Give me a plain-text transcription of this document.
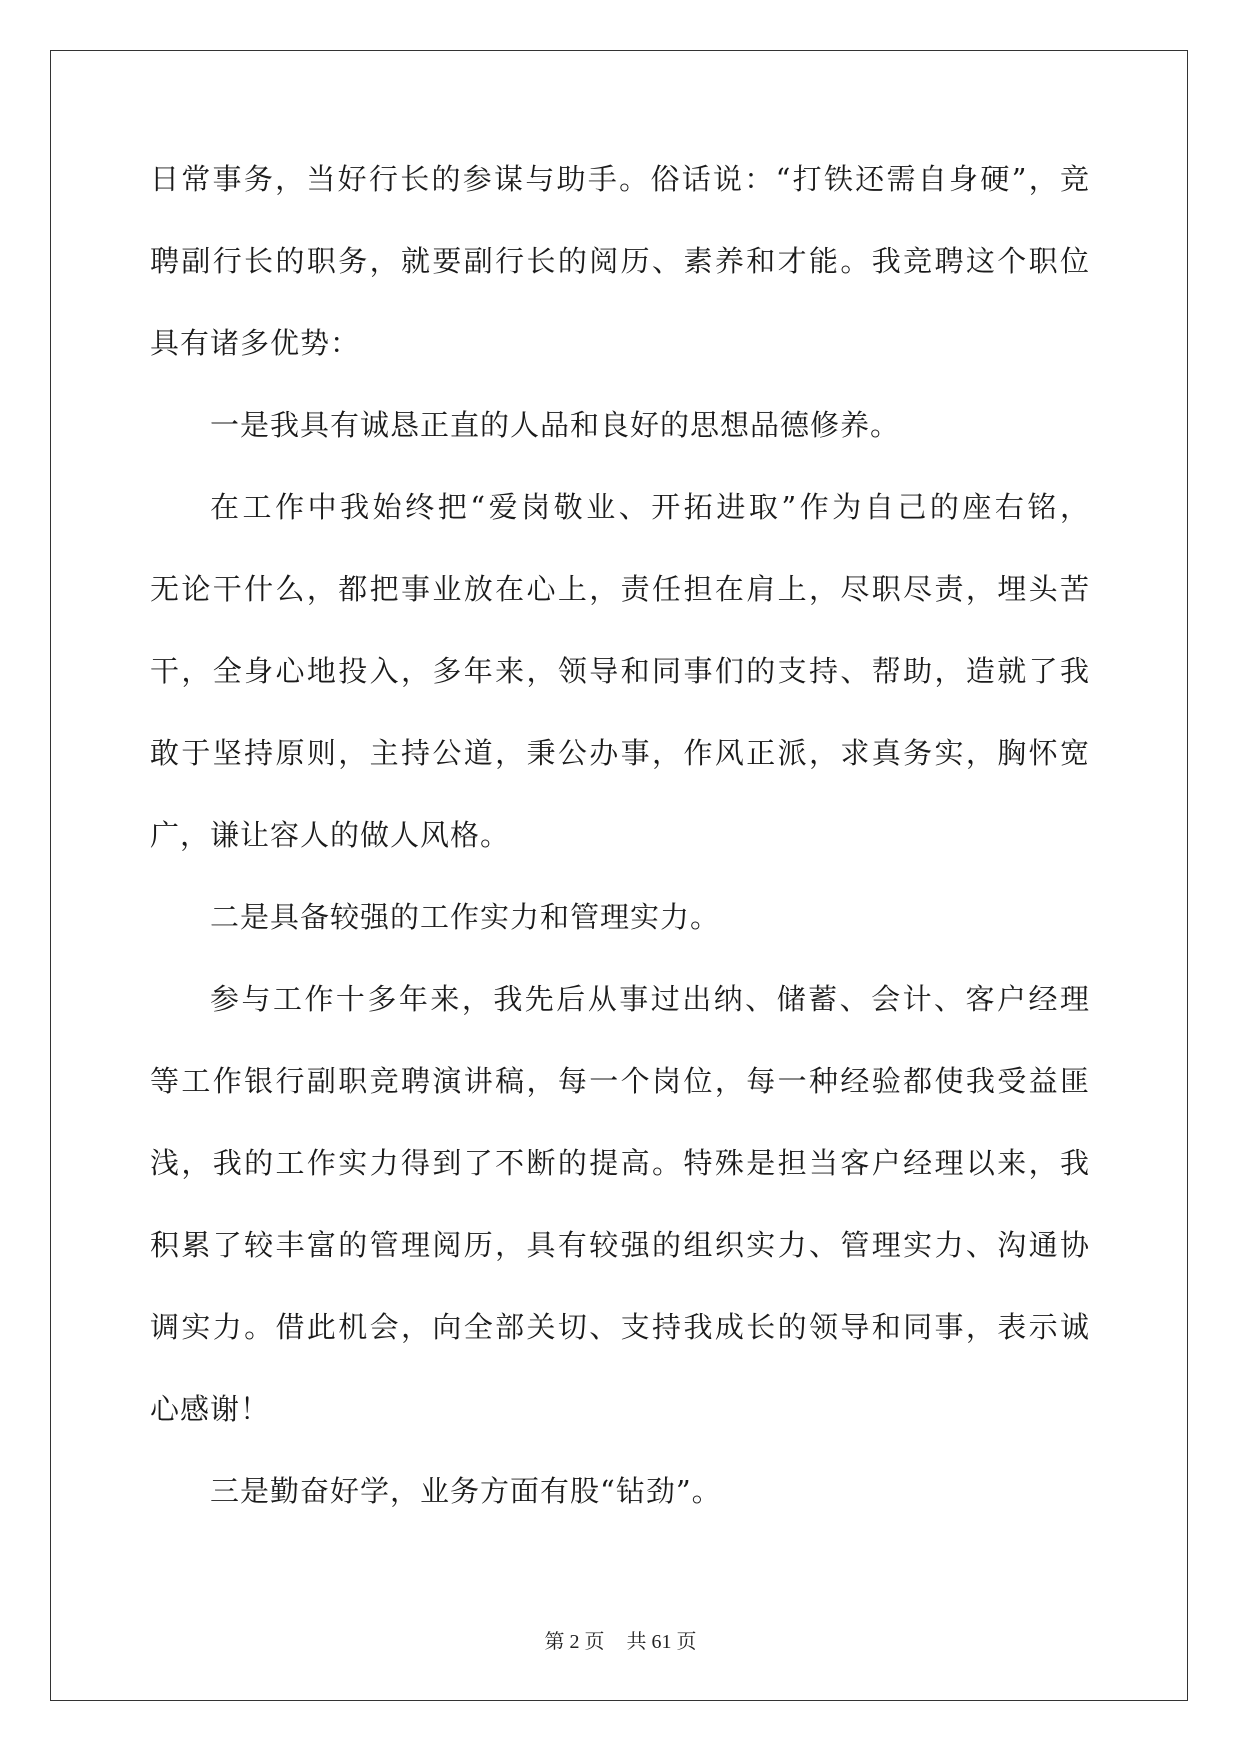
日常事务，当好行长的参谋与助手。俗话说：“打铁还需自身硬”，竞
聘副行长的职务，就要副行长的阅历、素养和才能。我竞聘这个职位
具有诸多优势：
一是我具有诚恳正直的人品和良好的思想品德修养。
在工作中我始终把“爱岗敬业、开拓进取”作为自己的座右铭，
无论干什么，都把事业放在心上，责任担在肩上，尽职尽责，埋头苦
干，全身心地投入，多年来，领导和同事们的支持、帮助，造就了我
敢于坚持原则，主持公道，秉公办事，作风正派，求真务实，胸怀宽
广，谦让容人的做人风格。
二是具备较强的工作实力和管理实力。
参与工作十多年来，我先后从事过出纳、储蓄、会计、客户经理
等工作银行副职竞聘演讲稿，每一个岗位，每一种经验都使我受益匪
浅，我的工作实力得到了不断的提高。特殊是担当客户经理以来，我
积累了较丰富的管理阅历，具有较强的组织实力、管理实力、沟通协
调实力。借此机会，向全部关切、支持我成长的领导和同事，表示诚
心感谢！
三是勤奋好学，业务方面有股“钻劲”。
第 2 页 共 61 页
